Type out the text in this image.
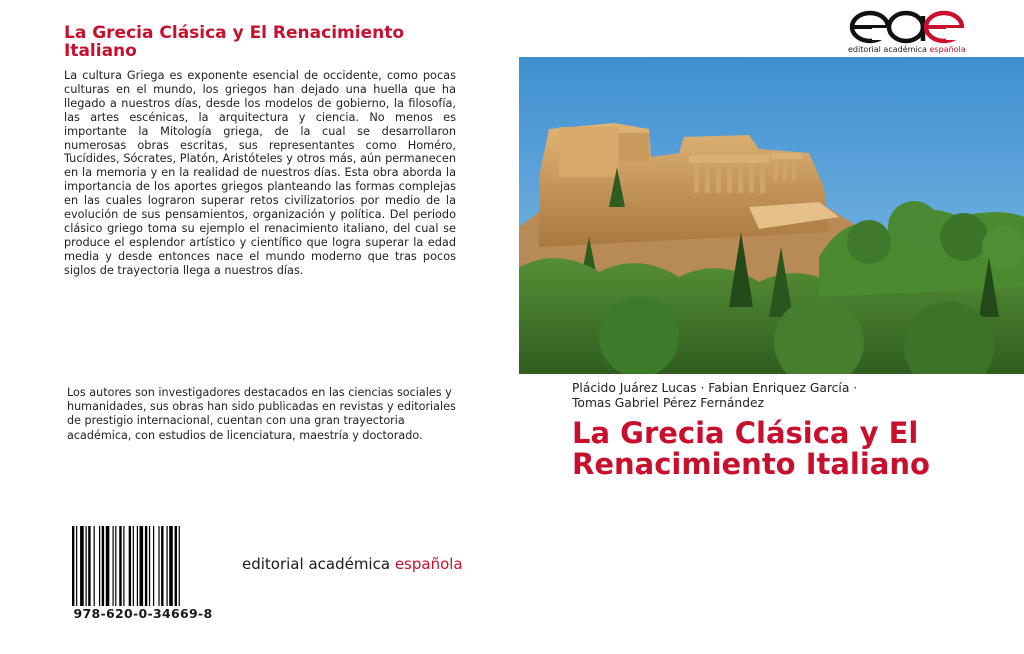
La Grecia Clásica y El Renacimiento Italiano

La cultura Griega es exponente esencial de occidente, como pocas culturas en el mundo, los griegos han dejado una huella que ha llegado a nuestros días, desde los modelos de gobierno, la filosofía, las artes escénicas, la arquitectura y ciencia. No menos es importante la Mitología griega, de la cual se desarrollaron numerosas obras escritas, sus representantes como Homéro, Tucídides, Sócrates, Platón, Aristóteles y otros más, aún permanecen en la memoria y en la realidad de nuestros días. Esta obra aborda la importancia de los aportes griegos planteando las formas complejas en las cuales lograron superar retos civilizatorios por medio de la evolución de sus pensamientos, organización y política. Del periodo clásico griego toma su ejemplo el renacimiento italiano, del cual se produce el esplendor artístico y científico que logra superar la edad media y desde entonces nace el mundo moderno que tras pocos siglos de trayectoria llega a nuestros días.

Los autores son investigadores destacados en las ciencias sociales y humanidades, sus obras han sido publicadas en revistas y editoriales de prestigio internacional, cuentan con una gran trayectoria académica, con estudios de licenciatura, maestría y doctorado.

978-620-0-34669-8
editorial académica española
editorial académica española

Plácido Juárez Lucas · Fabian Enriquez García ·
Tomas Gabriel Pérez Fernández

La Grecia Clásica y El Renacimiento Italiano
